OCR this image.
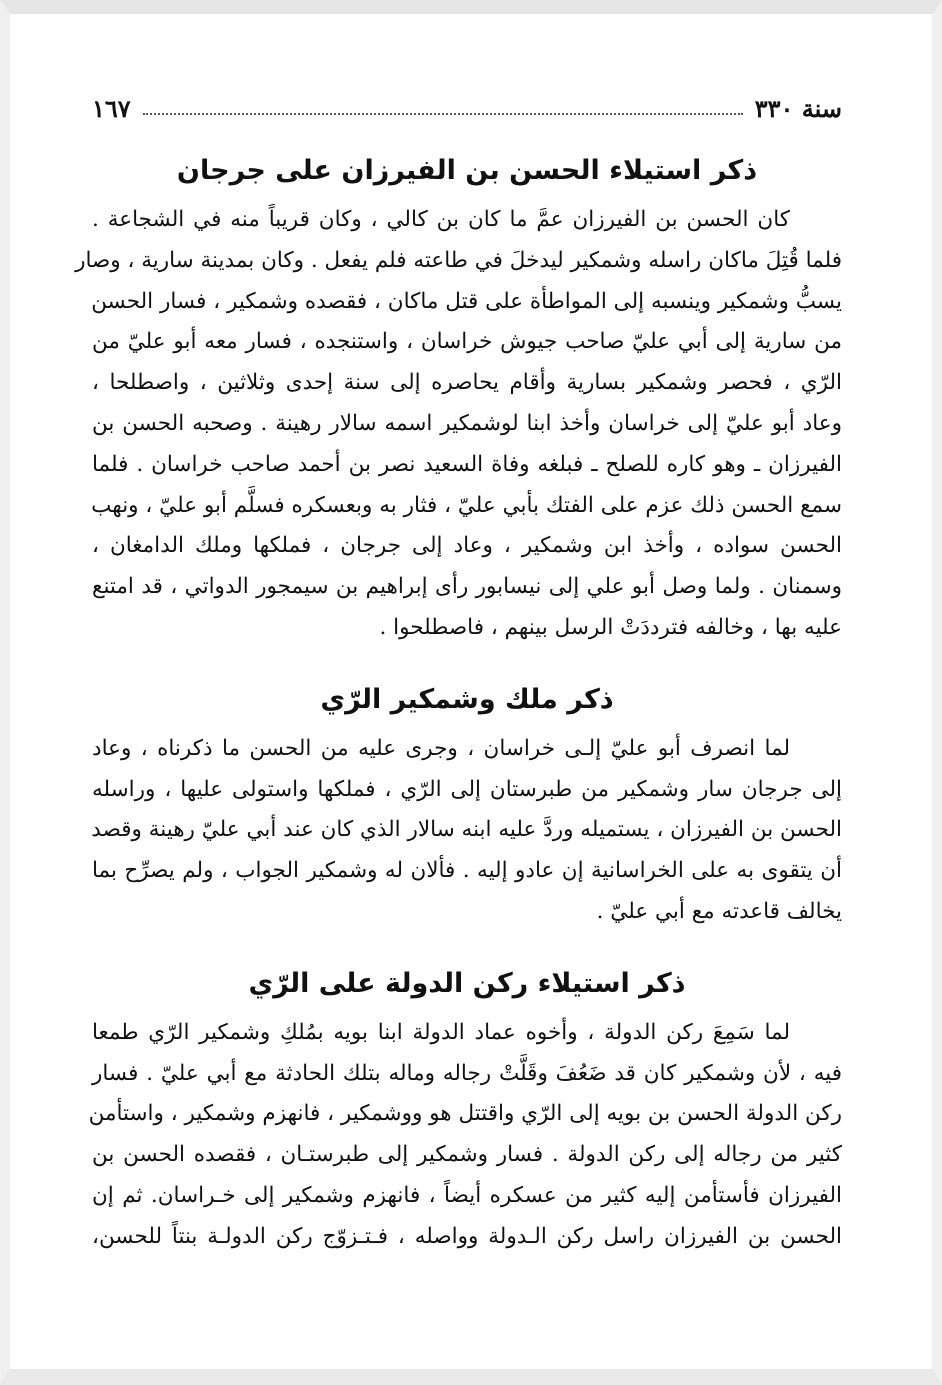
سنة ٣٣٠
١٦٧
ذكر استيلاء الحسن بن الفيرزان على جرجان

كان الحسن بن الفيرزان عمَّ ما كان بن كالي ، وكان قريباً منه في الشجاعة .
فلما قُتِلَ ماكان راسله وشمكير ليدخلَ في طاعته فلم يفعل . وكان بمدينة سارية ، وصار
يسبُّ وشمكير وينسبه إلى المواطأة على قتل ماكان ، فقصده وشمكير ، فسار الحسن
من سارية إلى أبي عليّ صاحب جيوش خراسان ، واستنجده ، فسار معه أبو عليّ من
الرّي ، فحصر وشمكير بسارية وأقام يحاصره إلى سنة إحدى وثلاثين ، واصطلحا ،
وعاد أبو عليّ إلى خراسان وأخذ ابنا لوشمكير اسمه سالار رهينة . وصحبه الحسن بن
الفيرزان ـ وهو كاره للصلح ـ فبلغه وفاة السعيد نصر بن أحمد صاحب خراسان . فلما
سمع الحسن ذلك عزم على الفتك بأبي عليّ ، فثار به وبعسكره فسلَّم أبو عليّ ، ونهب
الحسن سواده ، وأخذ ابن وشمكير ، وعاد إلى جرجان ، فملكها وملك الدامغان ،
وسمنان . ولما وصل أبو علي إلى نيسابور رأى إبراهيم بن سيمجور الدواتي ، قد امتنع
عليه بها ، وخالفه فترددَتْ الرسل بينهم ، فاصطلحوا .

ذكر ملك وشمكير الرّي

لما انصرف أبو عليّ إلـى خراسان ، وجرى عليه من الحسن ما ذكرناه ، وعاد
إلى جرجان سار وشمكير من طبرستان إلى الرّي ، فملكها واستولى عليها ، وراسله
الحسن بن الفيرزان ، يستميله وردَّ عليه ابنه سالار الذي كان عند أبي عليّ رهينة وقصد
أن يتقوى به على الخراسانية إن عادو إليه . فألان له وشمكير الجواب ، ولم يصرِّح بما
يخالف قاعدته مع أبي عليّ .

ذكر استيلاء ركن الدولة على الرّي

لما سَمِعَ ركن الدولة ، وأخوه عماد الدولة ابنا بويه بمُلكِ وشمكير الرّي طمعا
فيه ، لأن وشمكير كان قد ضَعُفَ وقَلَّتْ رجاله وماله بتلك الحادثة مع أبي عليّ . فسار
ركن الدولة الحسن بن بويه إلى الرّي واقتتل هو ووشمكير ، فانهزم وشمكير ، واستأمن
كثير من رجاله إلى ركن الدولة . فسار وشمكير إلى طبرستـان ، فقصده الحسن بن
الفيرزان فأستأمن إليه كثير من عسكره أيضاً ، فانهزم وشمكير إلى خـراسان. ثم إن
الحسن بن الفيرزان راسل ركن الـدولة وواصله ، فـتـزوّج ركن الدولـة بنتاً للحسن،
